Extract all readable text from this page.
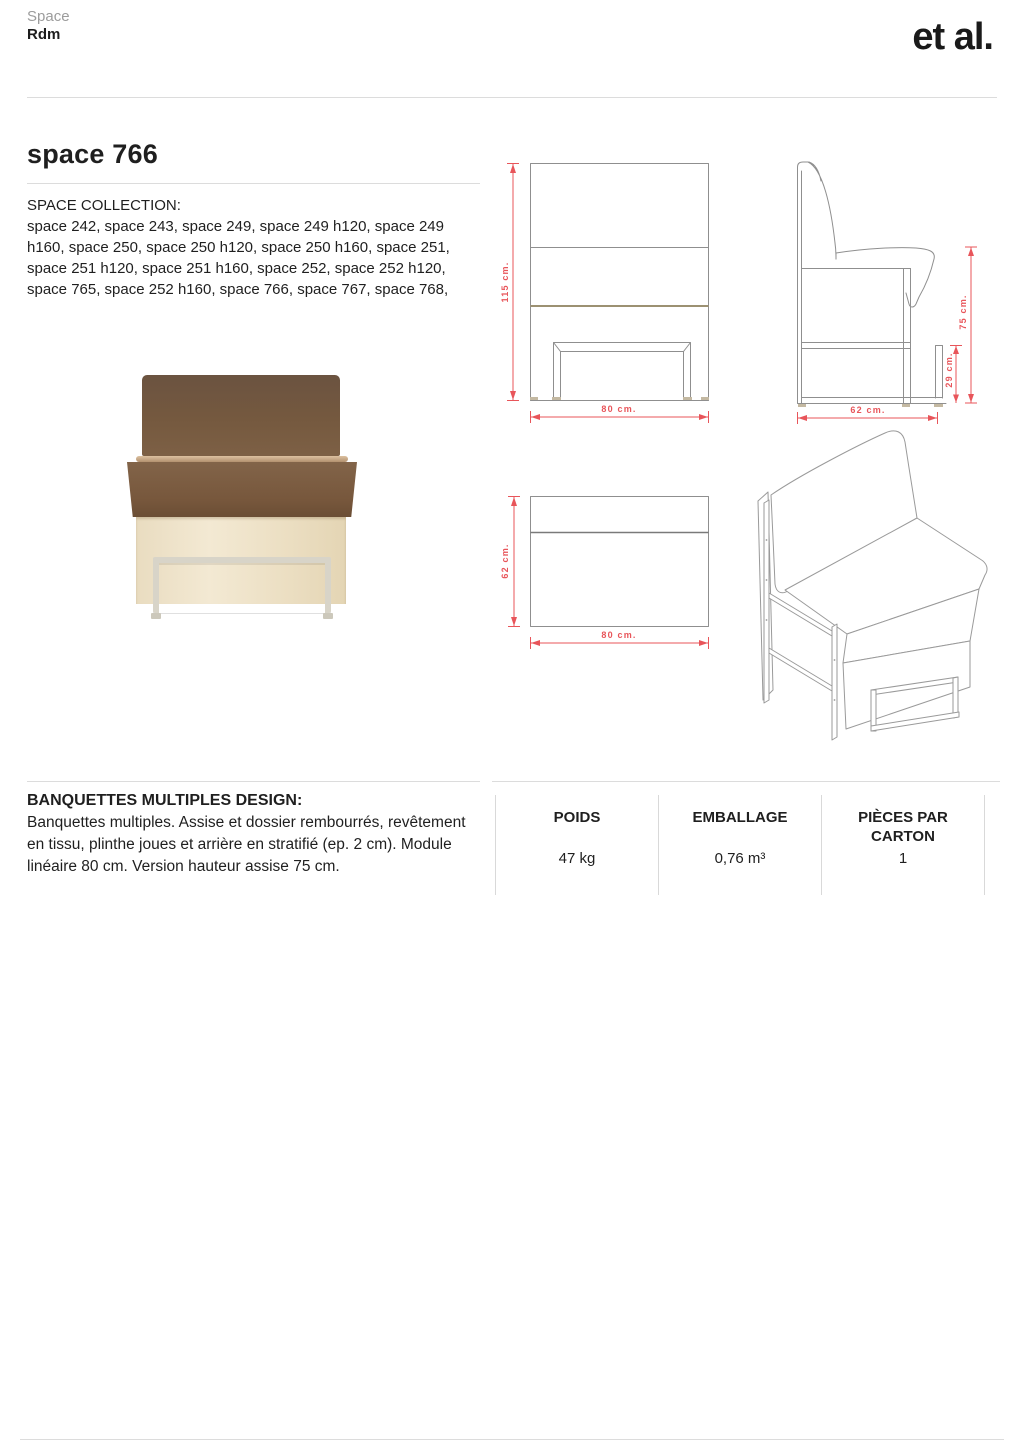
Space
Rdm	et al.
space 766
SPACE COLLECTION:
space 242, space 243, space 249, space 249 h120, space 249 h160, space 250, space 250 h120, space 250 h160, space 251, space 251 h120, space 251 h160, space 252, space 252 h120, space 765, space 252 h160, space 766, space 767, space 768,	115 cm.
80 cm.
75 cm.
29 cm.
62 cm.
62 cm.
80 cm.

BANQUETTES MULTIPLES DESIGN:

Banquettes multiples. Assise et dossier rembourrés, revêtement en tissu, plinthe joues et arrière en stratifié (ep. 2 cm). Module linéaire 80 cm. Version hauteur assise 75 cm.

POIDS
47 kg
EMBALLAGE
0,76 m³
PIÈCES PAR CARTON
1
